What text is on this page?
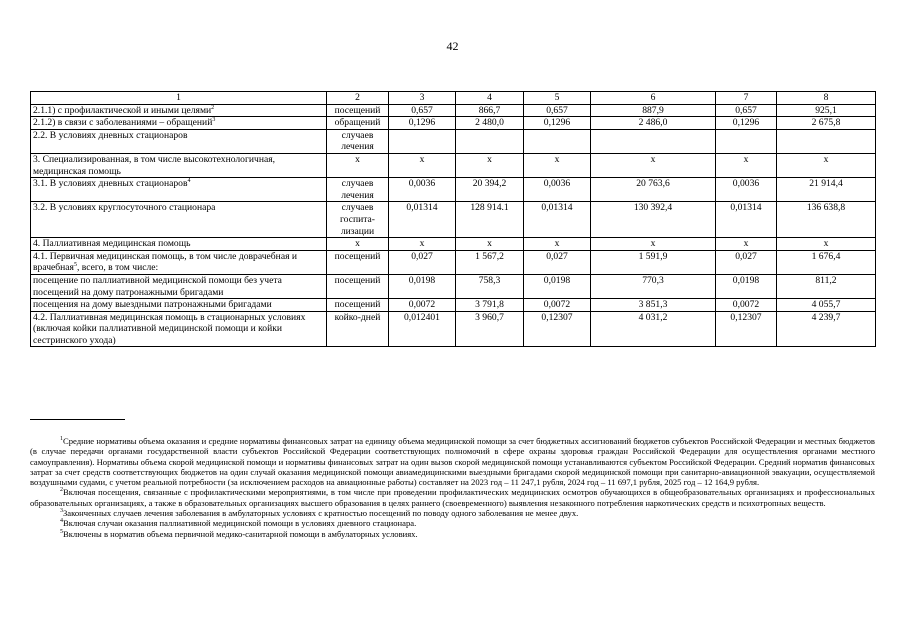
42
1	2	3	4	5	6	7	8
2.1.1) с профилактической и иными целями$^2$	посещений	0,657	866,7	0,657	887,9	0,657	925,1
2.1.2) в связи с заболеваниями – обращений$^3$	обращений	0,1296	2 480,0	0,1296	2 486,0	0,1296	2 675,8
2.2. В условиях дневных стационаров	случаев лечения						
3. Специализированная, в том числе высокотехнологичная, медицинская помощь	x	x	x	x	x	x	x
3.1. В условиях дневных стационаров$^4$	случаев лечения	0,0036	20 394,2	0,0036	20 763,6	0,0036	21 914,4
3.2. В условиях круглосуточного стационара	случаев госпита-лизации	0,01314	128 914.1	0,01314	130 392,4	0,01314	136 638,8
4. Паллиативная медицинская помощь	x	x	x	x	x	x	x
4.1. Первичная медицинская помощь, в том числе доврачебная и врачебная$^5$, всего, в том числе:	посещений	0,027	1 567,2	0,027	1 591,9	0,027	1 676,4
посещение по паллиативной медицинской помощи без учета посещений на дому патронажными бригадами	посещений	0,0198	758,3	0,0198	770,3	0,0198	811,2
посещения на дому выездными патронажными бригадами	посещений	0,0072	3 791,8	0,0072	3 851,3	0,0072	4 055,7
4.2. Паллиативная медицинская помощь в стационарных условиях (включая койки паллиативной медицинской помощи и койки сестринского ухода)	койко-дней	0,012401	3 960,7	0,12307	4 031,2	0,12307	4 239,7

$^1$Средние нормативы объема оказания и средние нормативы финансовых затрат на единицу объема медицинской помощи за счет бюджетных ассигнований бюджетов субъектов Российской Федерации и местных бюджетов (в случае передачи органами государственной власти субъектов Российской Федерации соответствующих полномочий в сфере охраны здоровья граждан Российской Федерации для осуществления органами местного самоуправления). Нормативы объема скорой медицинской помощи и нормативы финансовых затрат на один вызов скорой медицинской помощи устанавливаются субъектом Российской Федерации. Средний норматив финансовых затрат за счет средств соответствующих бюджетов на один случай оказания медицинской помощи авиамедицинскими выездными бригадами скорой медицинской помощи при санитарно-авиационной эвакуации, осуществляемой воздушными судами, с учетом реальной потребности (за исключением расходов на авиационные работы) составляет на 2023 год – 11 247,1 рубля, 2024 год – 11 697,1 рубля, 2025 год – 12 164,9 рубля.

$^2$Включая посещения, связанные с профилактическими мероприятиями, в том числе при проведении профилактических медицинских осмотров обучающихся в общеобразовательных организациях и профессиональных образовательных организациях, а также в образовательных организациях высшего образования в целях раннего (своевременного) выявления незаконного потребления наркотических средств и психотропных веществ.

$^3$Законченных случаев лечения заболевания в амбулаторных условиях с кратностью посещений по поводу одного заболевания не менее двух.

$^4$Включая случаи оказания паллиативной медицинской помощи в условиях дневного стационара.

$^5$Включены в норматив объема первичной медико-санитарной помощи в амбулаторных условиях.
